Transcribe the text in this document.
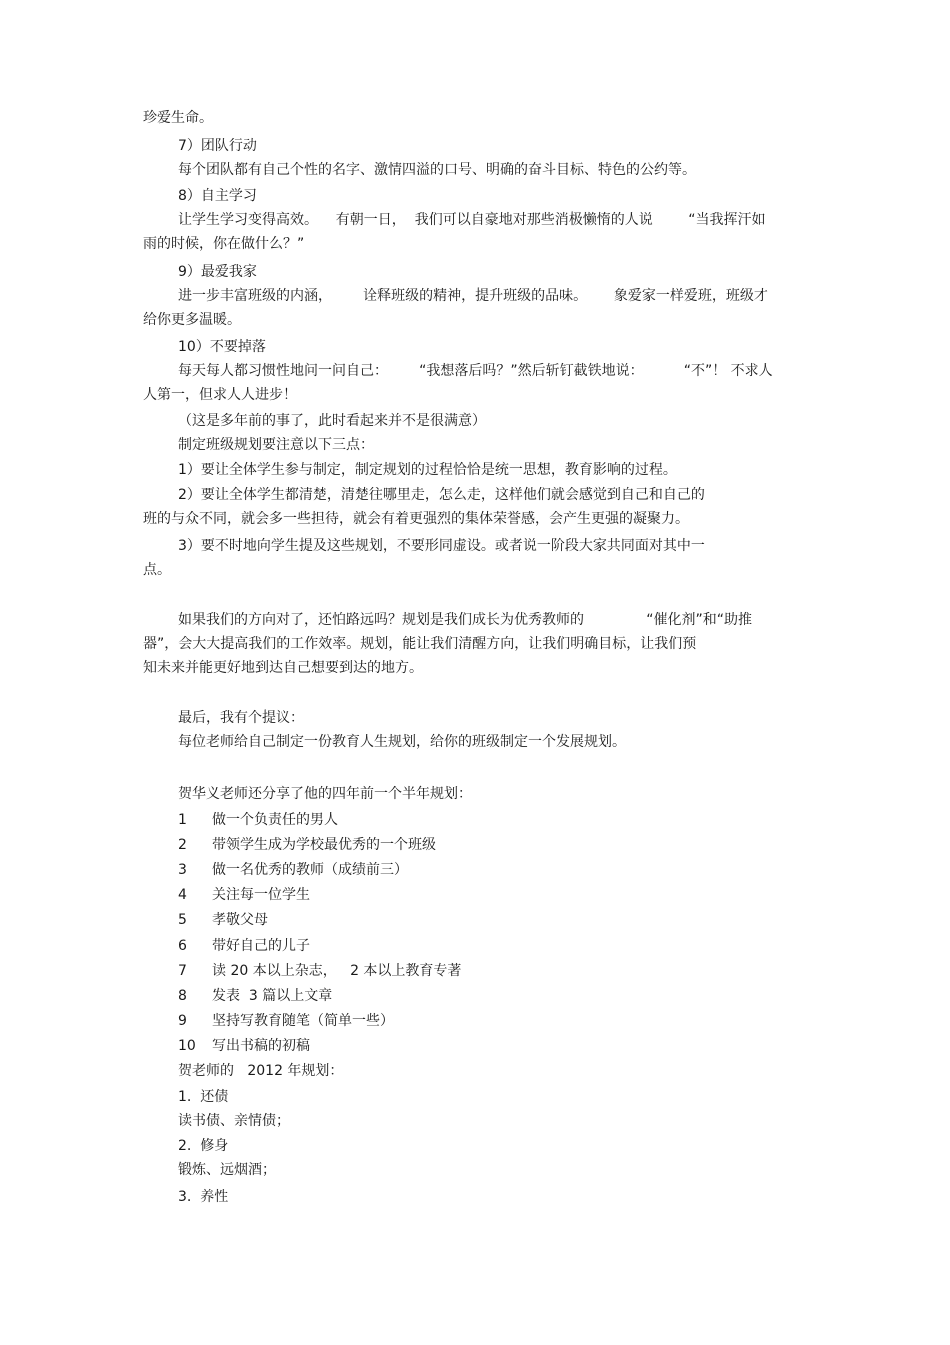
珍爱生命。
7）团队行动
每个团队都有自己个性的名字、激情四溢的口号、明确的奋斗目标、特色的公约等。
8）自主学习
让学生学习变得高效。    有朝一日，  我们可以自豪地对那些消极懒惰的人说        “当我挥汗如
雨的时候，你在做什么？”
9）最爱我家
进一步丰富班级的内涵，       诠释班级的精神，提升班级的品味。      象爱家一样爱班，班级才
给你更多温暖。
10）不要掉落
每天每人都习惯性地问一问自己：       “我想落后吗？”然后斩钉截铁地说：         “不”！ 不求人
人第一，但求人人进步！
（这是多年前的事了，此时看起来并不是很满意）
制定班级规划要注意以下三点：
1）要让全体学生参与制定，制定规划的过程恰恰是统一思想，教育影响的过程。
2）要让全体学生都清楚，清楚往哪里走，怎么走，这样他们就会感觉到自己和自己的
班的与众不同，就会多一些担待，就会有着更强烈的集体荣誉感，会产生更强的凝聚力。
3）要不时地向学生提及这些规划，不要形同虚设。或者说一阶段大家共同面对其中一
点。
如果我们的方向对了，还怕路远吗？规划是我们成长为优秀教师的              “催化剂”和“助推
器”，会大大提高我们的工作效率。规划，能让我们清醒方向，让我们明确目标，让我们预
知未来并能更好地到达自己想要到达的地方。
最后，我有个提议：
每位老师给自己制定一份教育人生规划，给你的班级制定一个发展规划。
贺华义老师还分享了他的四年前一个半年规划：
1 做一个负责任的男人
2 带领学生成为学校最优秀的一个班级
3 做一名优秀的教师（成绩前三）
4 关注每一位学生
5 孝敬父母
6 带好自己的儿子
7 读 20 本以上杂志，   2 本以上教育专著
8 发表  3 篇以上文章
9 坚持写教育随笔（简单一些）
10 写出书稿的初稿
贺老师的   2012 年规划：
1.  还债
读书债、亲情债；
2.  修身
锻炼、远烟酒；
3.  养性
